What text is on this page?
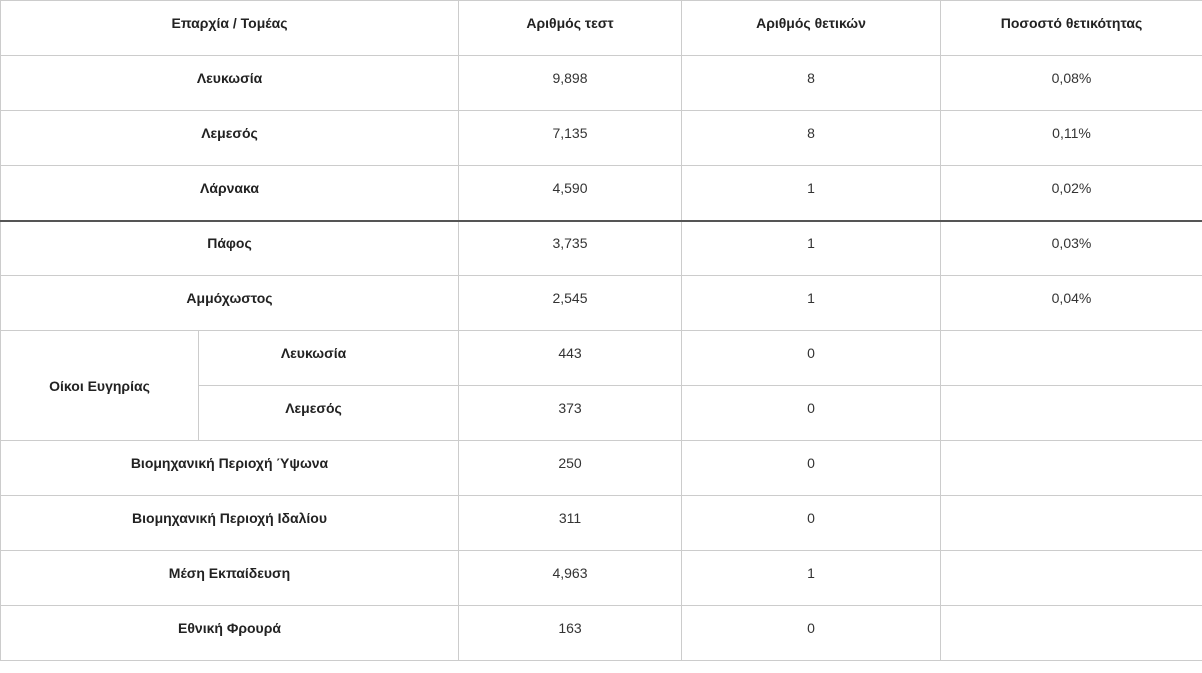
Επαρχία / Τομέας		Αριθμός τεστ	Αριθμός θετικών	Ποσοστό θετικότητας
Λευκωσία		9,898	8	0,08%
Λεμεσός		7,135	8	0,11%
Λάρνακα		4,590	1	0,02%
Πάφος		3,735	1	0,03%
Αμμόχωστος		2,545	1	0,04%
Οίκοι Ευγηρίας	Λευκωσία	443	0	
	Λεμεσός	373	0	
Βιομηχανική Περιοχή Ύψωνα		250	0	
Βιομηχανική Περιοχή Ιδαλίου		311	0	
Μέση Εκπαίδευση		4,963	1	
Εθνική Φρουρά		163	0	
